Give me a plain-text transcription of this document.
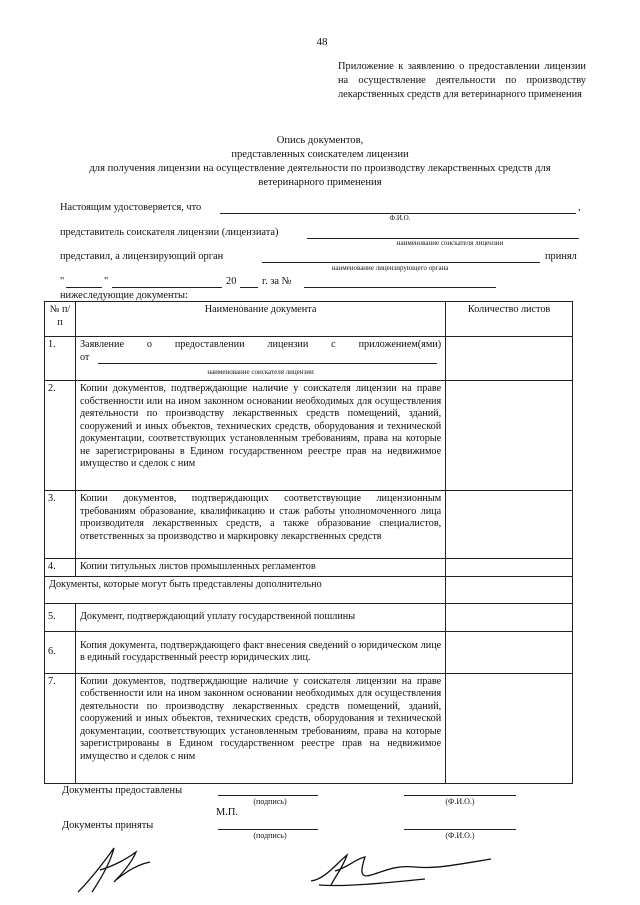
48
Приложение к заявлению о предоставлении лицензии на осуществление деятельности по производству лекарственных средств для ветеринарного применения
Опись документов,
представленных соискателем лицензии
для получения лицензии на осуществление деятельности по производству лекарственных средств для
ветеринарного применения
Настоящим удостоверяется, что	,
Ф.И.О.
представитель соискателя лицензии (лицензиата)
наименование соискателя лицензии
представил, а лицензирующий орган	принял
наименование лицензирующего органа
"	"	20 г. за №
нижеследующие документы:
№ п/п	Наименование документа	Количество листов
1.	Заявление о предоставлении лицензии с приложением(ями)
от
наименование соискателя лицензии	

2.	Копии документов, подтверждающие наличие у соискателя лицензии на праве собственности или на ином законном основании необходимых для осуществления деятельности по производству лекарственных средств помещений, зданий, сооружений и иных объектов, технических средств, оборудования и технической документации, соответствующих установленным требованиям, права на которые не зарегистрированы в Едином государственном реестре прав на недвижимое имущество и сделок с ним	
3.	Копии документов, подтверждающих соответствующие лицензионным требованиям образование, квалификацию и стаж работы уполномоченного лица производителя лекарственных средств, а также образование специалистов, ответственных за производство и маркировку лекарственных средств	
4.	Копии титульных листов промышленных регламентов	
Документы, которые могут быть представлены дополнительно		
5.	Документ, подтверждающий уплату государственной пошлины	
6.	Копия документа, подтверждающего факт внесения сведений о юридическом лице в единый государственный реестр юридических лиц.	
7.	Копии документов, подтверждающие наличие у соискателя лицензии на праве собственности или на ином законном основании необходимых для осуществления деятельности по производству лекарственных средств помещений, зданий, сооружений и иных объектов, технических средств, оборудования и технической документации, соответствующих установленным требованиям, права на которые зарегистрированы в Едином государственном реестре прав на недвижимое имущество и сделок с ним	
Документы предоставлены
(подпись)	(Ф.И.О.)
М.П.
Документы приняты
(подпись)	(Ф.И.О.)
